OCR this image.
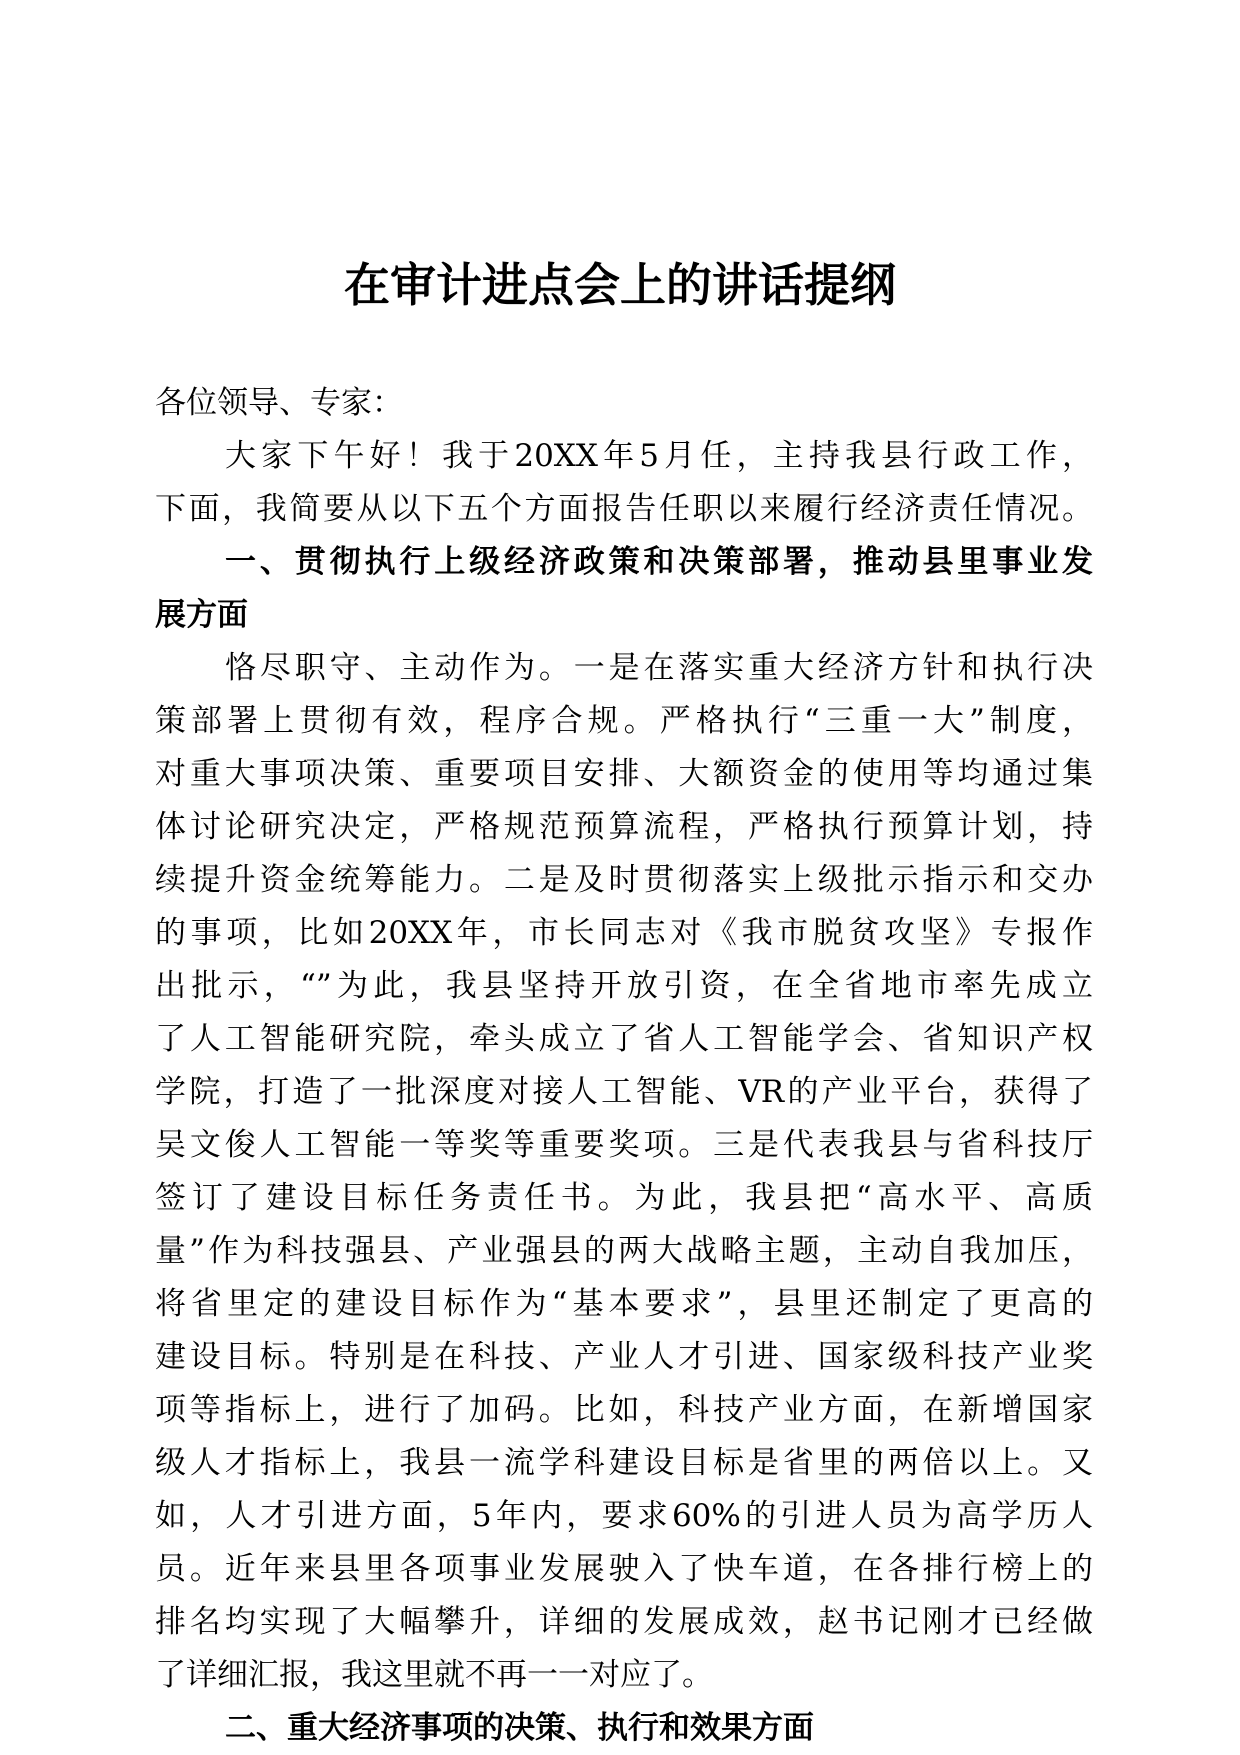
在审计进点会上的讲话提纲

各位领导、专家：

大家下午好！我于20XX年5月任，主持我县行政工作，

下面，我简要从以下五个方面报告任职以来履行经济责任情况。

一、贯彻执行上级经济政策和决策部署，推动县里事业发

展方面

恪尽职守、主动作为。一是在落实重大经济方针和执行决

策部署上贯彻有效，程序合规。严格执行“三重一大”制度，

对重大事项决策、重要项目安排、大额资金的使用等均通过集

体讨论研究决定，严格规范预算流程，严格执行预算计划，持

续提升资金统筹能力。二是及时贯彻落实上级批示指示和交办

的事项，比如20XX年，市长同志对《我市脱贫攻坚》专报作

出批示，“”为此，我县坚持开放引资，在全省地市率先成立

了人工智能研究院，牵头成立了省人工智能学会、省知识产权

学院，打造了一批深度对接人工智能、VR的产业平台，获得了

吴文俊人工智能一等奖等重要奖项。三是代表我县与省科技厅

签订了建设目标任务责任书。为此，我县把“高水平、高质

量”作为科技强县、产业强县的两大战略主题，主动自我加压，

将省里定的建设目标作为“基本要求”，县里还制定了更高的

建设目标。特别是在科技、产业人才引进、国家级科技产业奖

项等指标上，进行了加码。比如，科技产业方面，在新增国家

级人才指标上，我县一流学科建设目标是省里的两倍以上。又

如，人才引进方面，5年内，要求60%的引进人员为高学历人

员。近年来县里各项事业发展驶入了快车道，在各排行榜上的

排名均实现了大幅攀升，详细的发展成效，赵书记刚才已经做

了详细汇报，我这里就不再一一对应了。

二、重大经济事项的决策、执行和效果方面
